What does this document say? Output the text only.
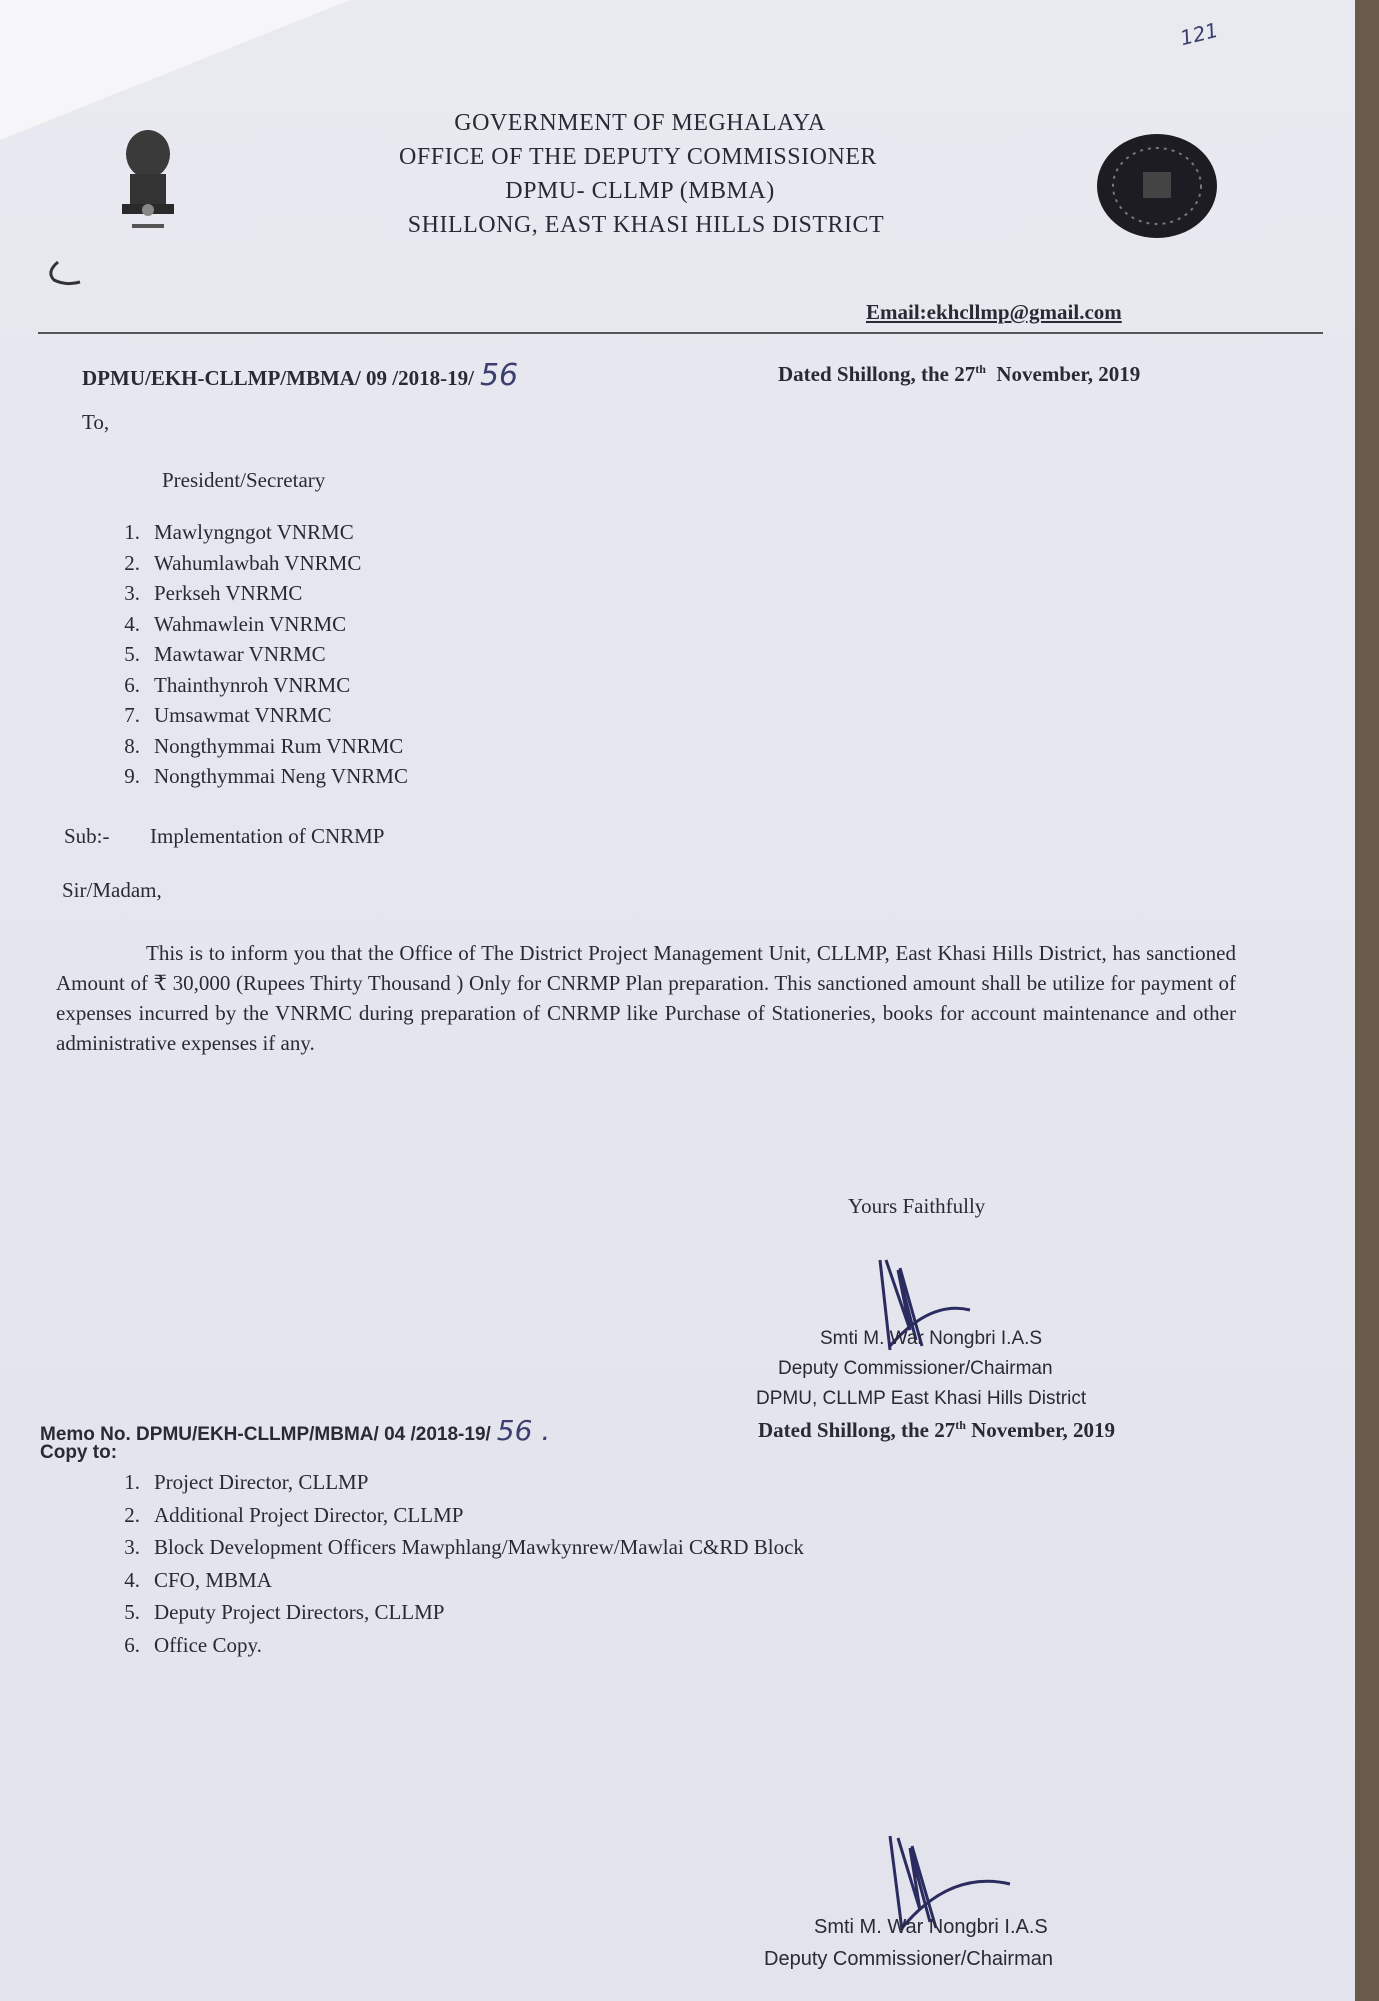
121
GOVERNMENT OF MEGHALAYA
OFFICE OF THE DEPUTY COMMISSIONER
DPMU- CLLMP (MBMA)
SHILLONG, EAST KHASI HILLS DISTRICT
Email:ekhcllmp@gmail.com
DPMU/EKH-CLLMP/MBMA/ 09 /2018-19/ 56	Dated Shillong, the 27th November, 2019
To,
President/Secretary
1. Mawlyngngot VNRMC
2. Wahumlawbah VNRMC
3. Perkseh VNRMC
4. Wahmawlein VNRMC
5. Mawtawar VNRMC
6. Thainthynroh VNRMC
7. Umsawmat VNRMC
8. Nongthymmai Rum VNRMC
9. Nongthymmai Neng VNRMC
Sub:- Implementation of CNRMP
Sir/Madam,
This is to inform you that the Office of The District Project Management Unit, CLLMP, East Khasi Hills District, has sanctioned Amount of ₹ 30,000 (Rupees Thirty Thousand ) Only for CNRMP Plan preparation. This sanctioned amount shall be utilize for payment of expenses incurred by the VNRMC during preparation of CNRMP like Purchase of Stationeries, books for account maintenance and other administrative expenses if any.
Yours Faithfully
Smti M. War Nongbri I.A.S
Deputy Commissioner/Chairman
DPMU, CLLMP East Khasi Hills District
Dated Shillong, the 27th November, 2019
Memo No. DPMU/EKH-CLLMP/MBMA/ 04 /2018-19/ 56 .
Copy to:
1. Project Director, CLLMP
2. Additional Project Director, CLLMP
3. Block Development Officers Mawphlang/Mawkynrew/Mawlai C&RD Block
4. CFO, MBMA
5. Deputy Project Directors, CLLMP
6. Office Copy.
Smti M. War Nongbri I.A.S
Deputy Commissioner/Chairman
